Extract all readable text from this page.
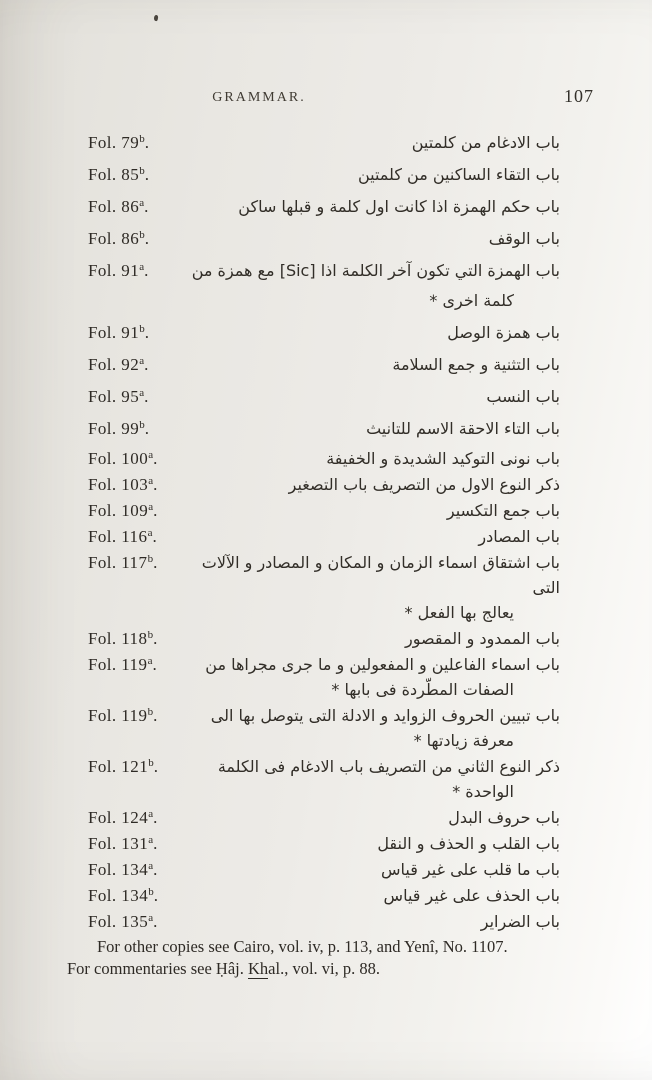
GRAMMAR.	107
Fol. 79$^b$.	باب الادغام من كلمتين
Fol. 85$^b$.	باب التقاء الساكنين من كلمتين
Fol. 86$^a$.	باب حكم الهمزة اذا كانت اول كلمة و قبلها ساكن
Fol. 86$^b$.	باب الوقف
Fol. 91$^a$.	باب الهمزة التي تكون آخر الكلمة اذا [Sic] مع همزة من
كلمة اخرى *
Fol. 91$^b$.	باب همزة الوصل
Fol. 92$^a$.	باب التثنية و جمع السلامة
Fol. 95$^a$.	باب النسب
Fol. 99$^b$.	باب التاء الاحقة الاسم للتانيث
Fol. 100$^a$.	باب نونى التوكيد الشديدة و الخفيفة
Fol. 103$^a$.	ذكر النوع الاول من التصريف باب التصغير
Fol. 109$^a$.	باب جمع التكسير
Fol. 116$^a$.	باب المصادر
Fol. 117$^b$.	باب اشتقاق اسماء الزمان و المكان و المصادر و الآلات التى
يعالج بها الفعل *
Fol. 118$^b$.	باب الممدود و المقصور
Fol. 119$^a$.	باب اسماء الفاعلين و المفعولين و ما جرى مجراها من
الصفات المطّردة فى بابها *
Fol. 119$^b$.	باب تبيين الحروف الزوايد و الادلة التى يتوصل بها الى
معرفة زيادتها *
Fol. 121$^b$.	ذكر النوع الثاني من التصريف باب الادغام فى الكلمة
الواحدة *
Fol. 124$^a$.	باب حروف البدل
Fol. 131$^a$.	باب القلب و الحذف و النقل
Fol. 134$^a$.	باب ما قلب على غير قياس
Fol. 134$^b$.	باب الحذف على غير قياس
Fol. 135$^a$.	باب الضراير
For other copies see Cairo, vol. iv, p. 113, and Yenî, No. 1107.
For commentaries see Ḥâj. Khal., vol. vi, p. 88.
